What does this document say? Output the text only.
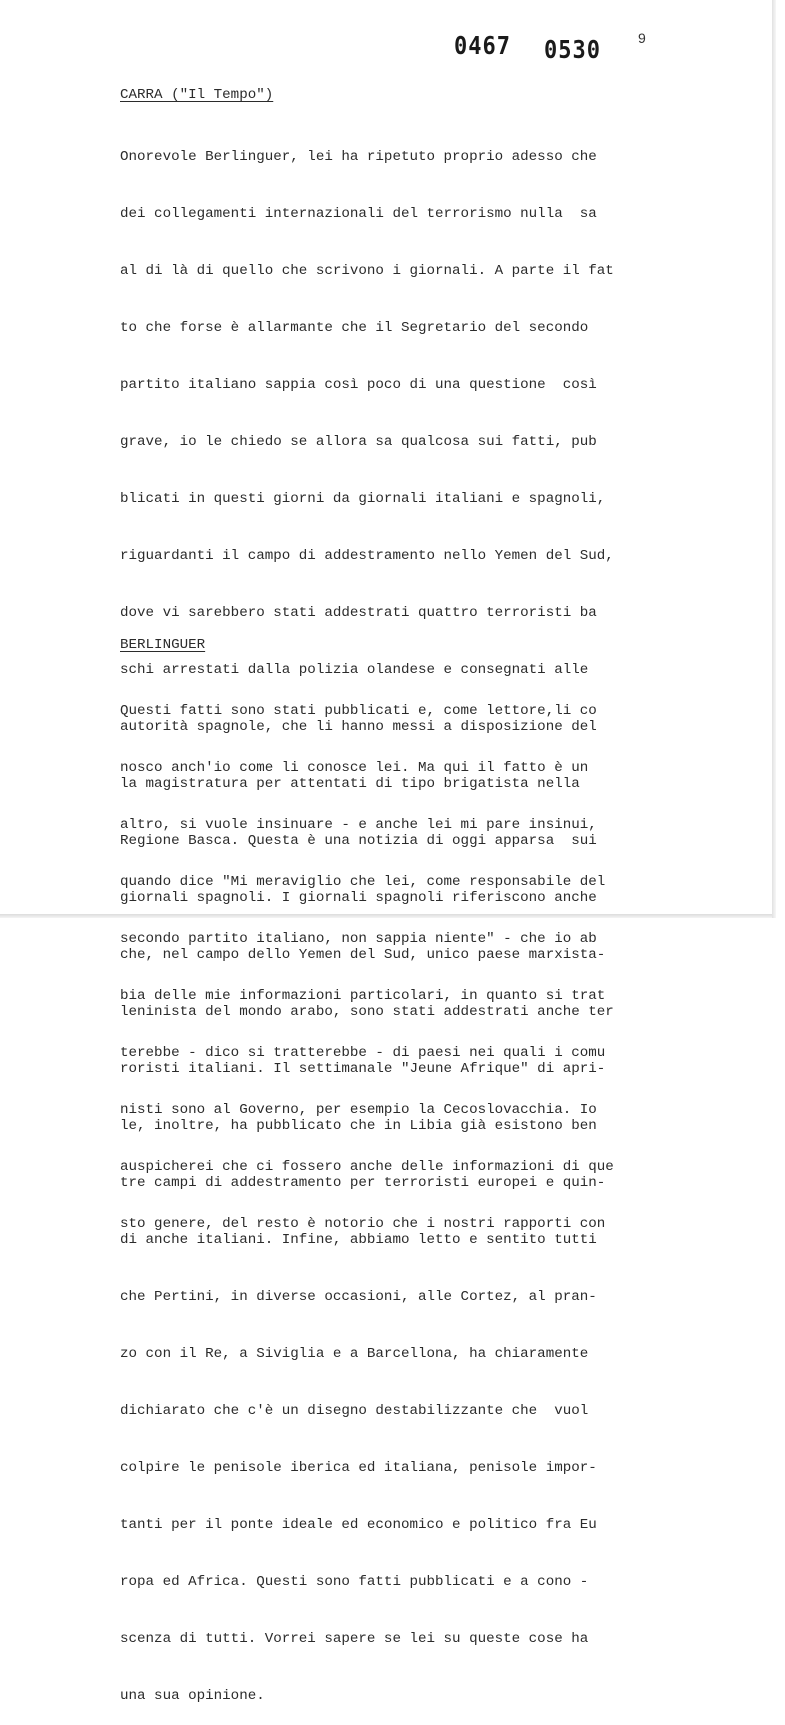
0467 0530	9
CARRA ("Il Tempo")

Onorevole Berlinguer, lei ha ripetuto proprio adesso che

dei collegamenti internazionali del terrorismo nulla  sa

al di là di quello che scrivono i giornali. A parte il fat

to che forse è allarmante che il Segretario del secondo

partito italiano sappia così poco di una questione  così

grave, io le chiedo se allora sa qualcosa sui fatti, pub

blicati in questi giorni da giornali italiani e spagnoli,

riguardanti il campo di addestramento nello Yemen del Sud,

dove vi sarebbero stati addestrati quattro terroristi ba

schi arrestati dalla polizia olandese e consegnati alle

autorità spagnole, che li hanno messi a disposizione del

la magistratura per attentati di tipo brigatista nella

Regione Basca. Questa è una notizia di oggi apparsa  sui

giornali spagnoli. I giornali spagnoli riferiscono anche

che, nel campo dello Yemen del Sud, unico paese marxista-

leninista del mondo arabo, sono stati addestrati anche ter

roristi italiani. Il settimanale "Jeune Afrique" di apri-

le, inoltre, ha pubblicato che in Libia già esistono ben

tre campi di addestramento per terroristi europei e quin-

di anche italiani. Infine, abbiamo letto e sentito tutti

che Pertini, in diverse occasioni, alle Cortez, al pran-

zo con il Re, a Siviglia e a Barcellona, ha chiaramente

dichiarato che c'è un disegno destabilizzante che  vuol

colpire le penisole iberica ed italiana, penisole impor-

tanti per il ponte ideale ed economico e politico fra Eu

ropa ed Africa. Questi sono fatti pubblicati e a cono -

scenza di tutti. Vorrei sapere se lei su queste cose ha

una sua opinione.

BERLINGUER

Questi fatti sono stati pubblicati e, come lettore,li co

nosco anch'io come li conosce lei. Ma qui il fatto è un

altro, si vuole insinuare - e anche lei mi pare insinui,

quando dice "Mi meraviglio che lei, come responsabile del

secondo partito italiano, non sappia niente" - che io ab

bia delle mie informazioni particolari, in quanto si trat

terebbe - dico si tratterebbe - di paesi nei quali i comu

nisti sono al Governo, per esempio la Cecoslovacchia. Io

auspicherei che ci fossero anche delle informazioni di que

sto genere, del resto è notorio che i nostri rapporti con
